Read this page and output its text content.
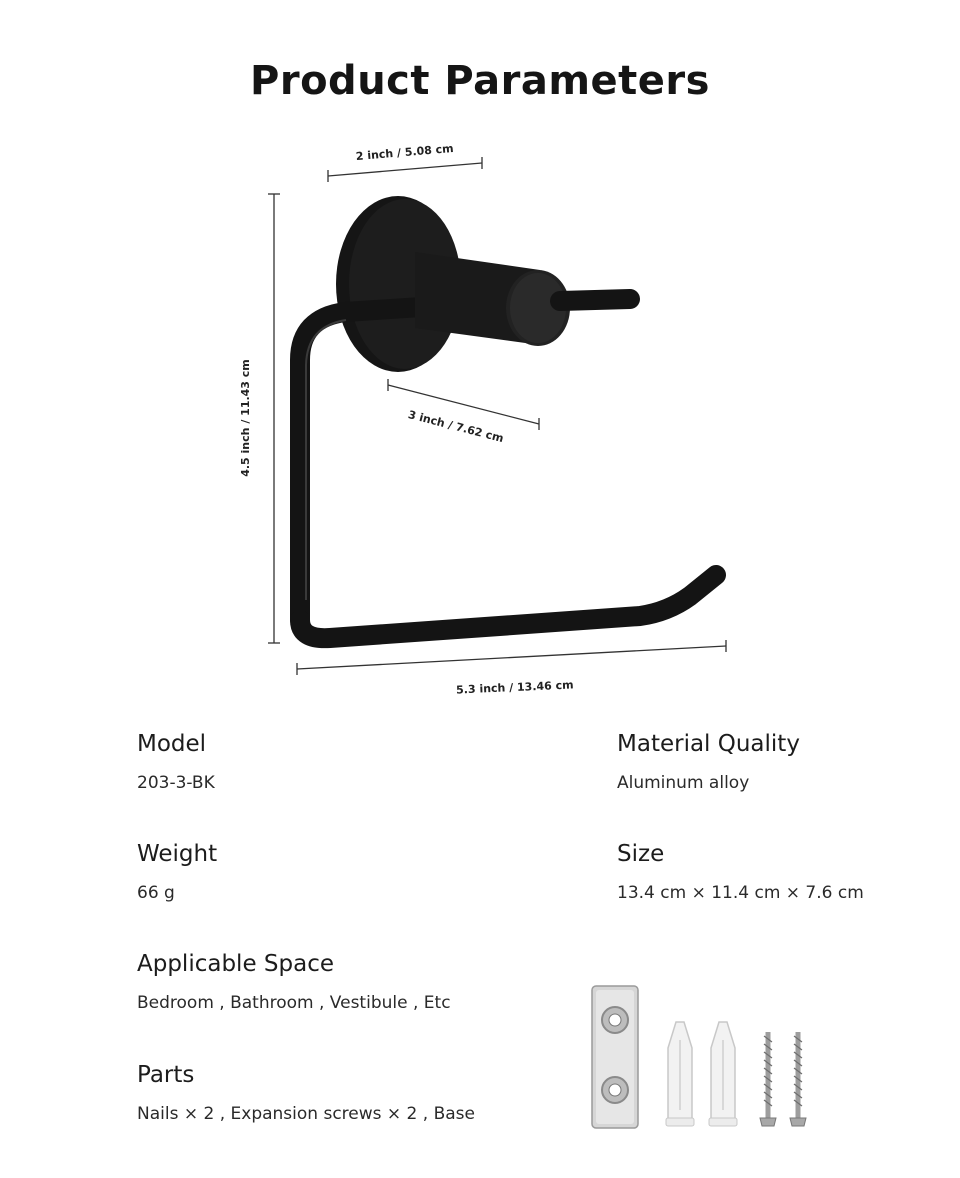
Product Parameters
2 inch / 5.08 cm
4.5 inch / 11.43 cm	3 inch / 7.62 cm
5.3 inch / 13.46 cm
Model
203-3-BK
Material Quality
Aluminum alloy
Weight
66 g
Size
13.4 cm × 11.4 cm × 7.6 cm
Applicable Space
Bedroom , Bathroom , Vestibule , Etc
Parts
Nails × 2 , Expansion screws × 2 , Base
